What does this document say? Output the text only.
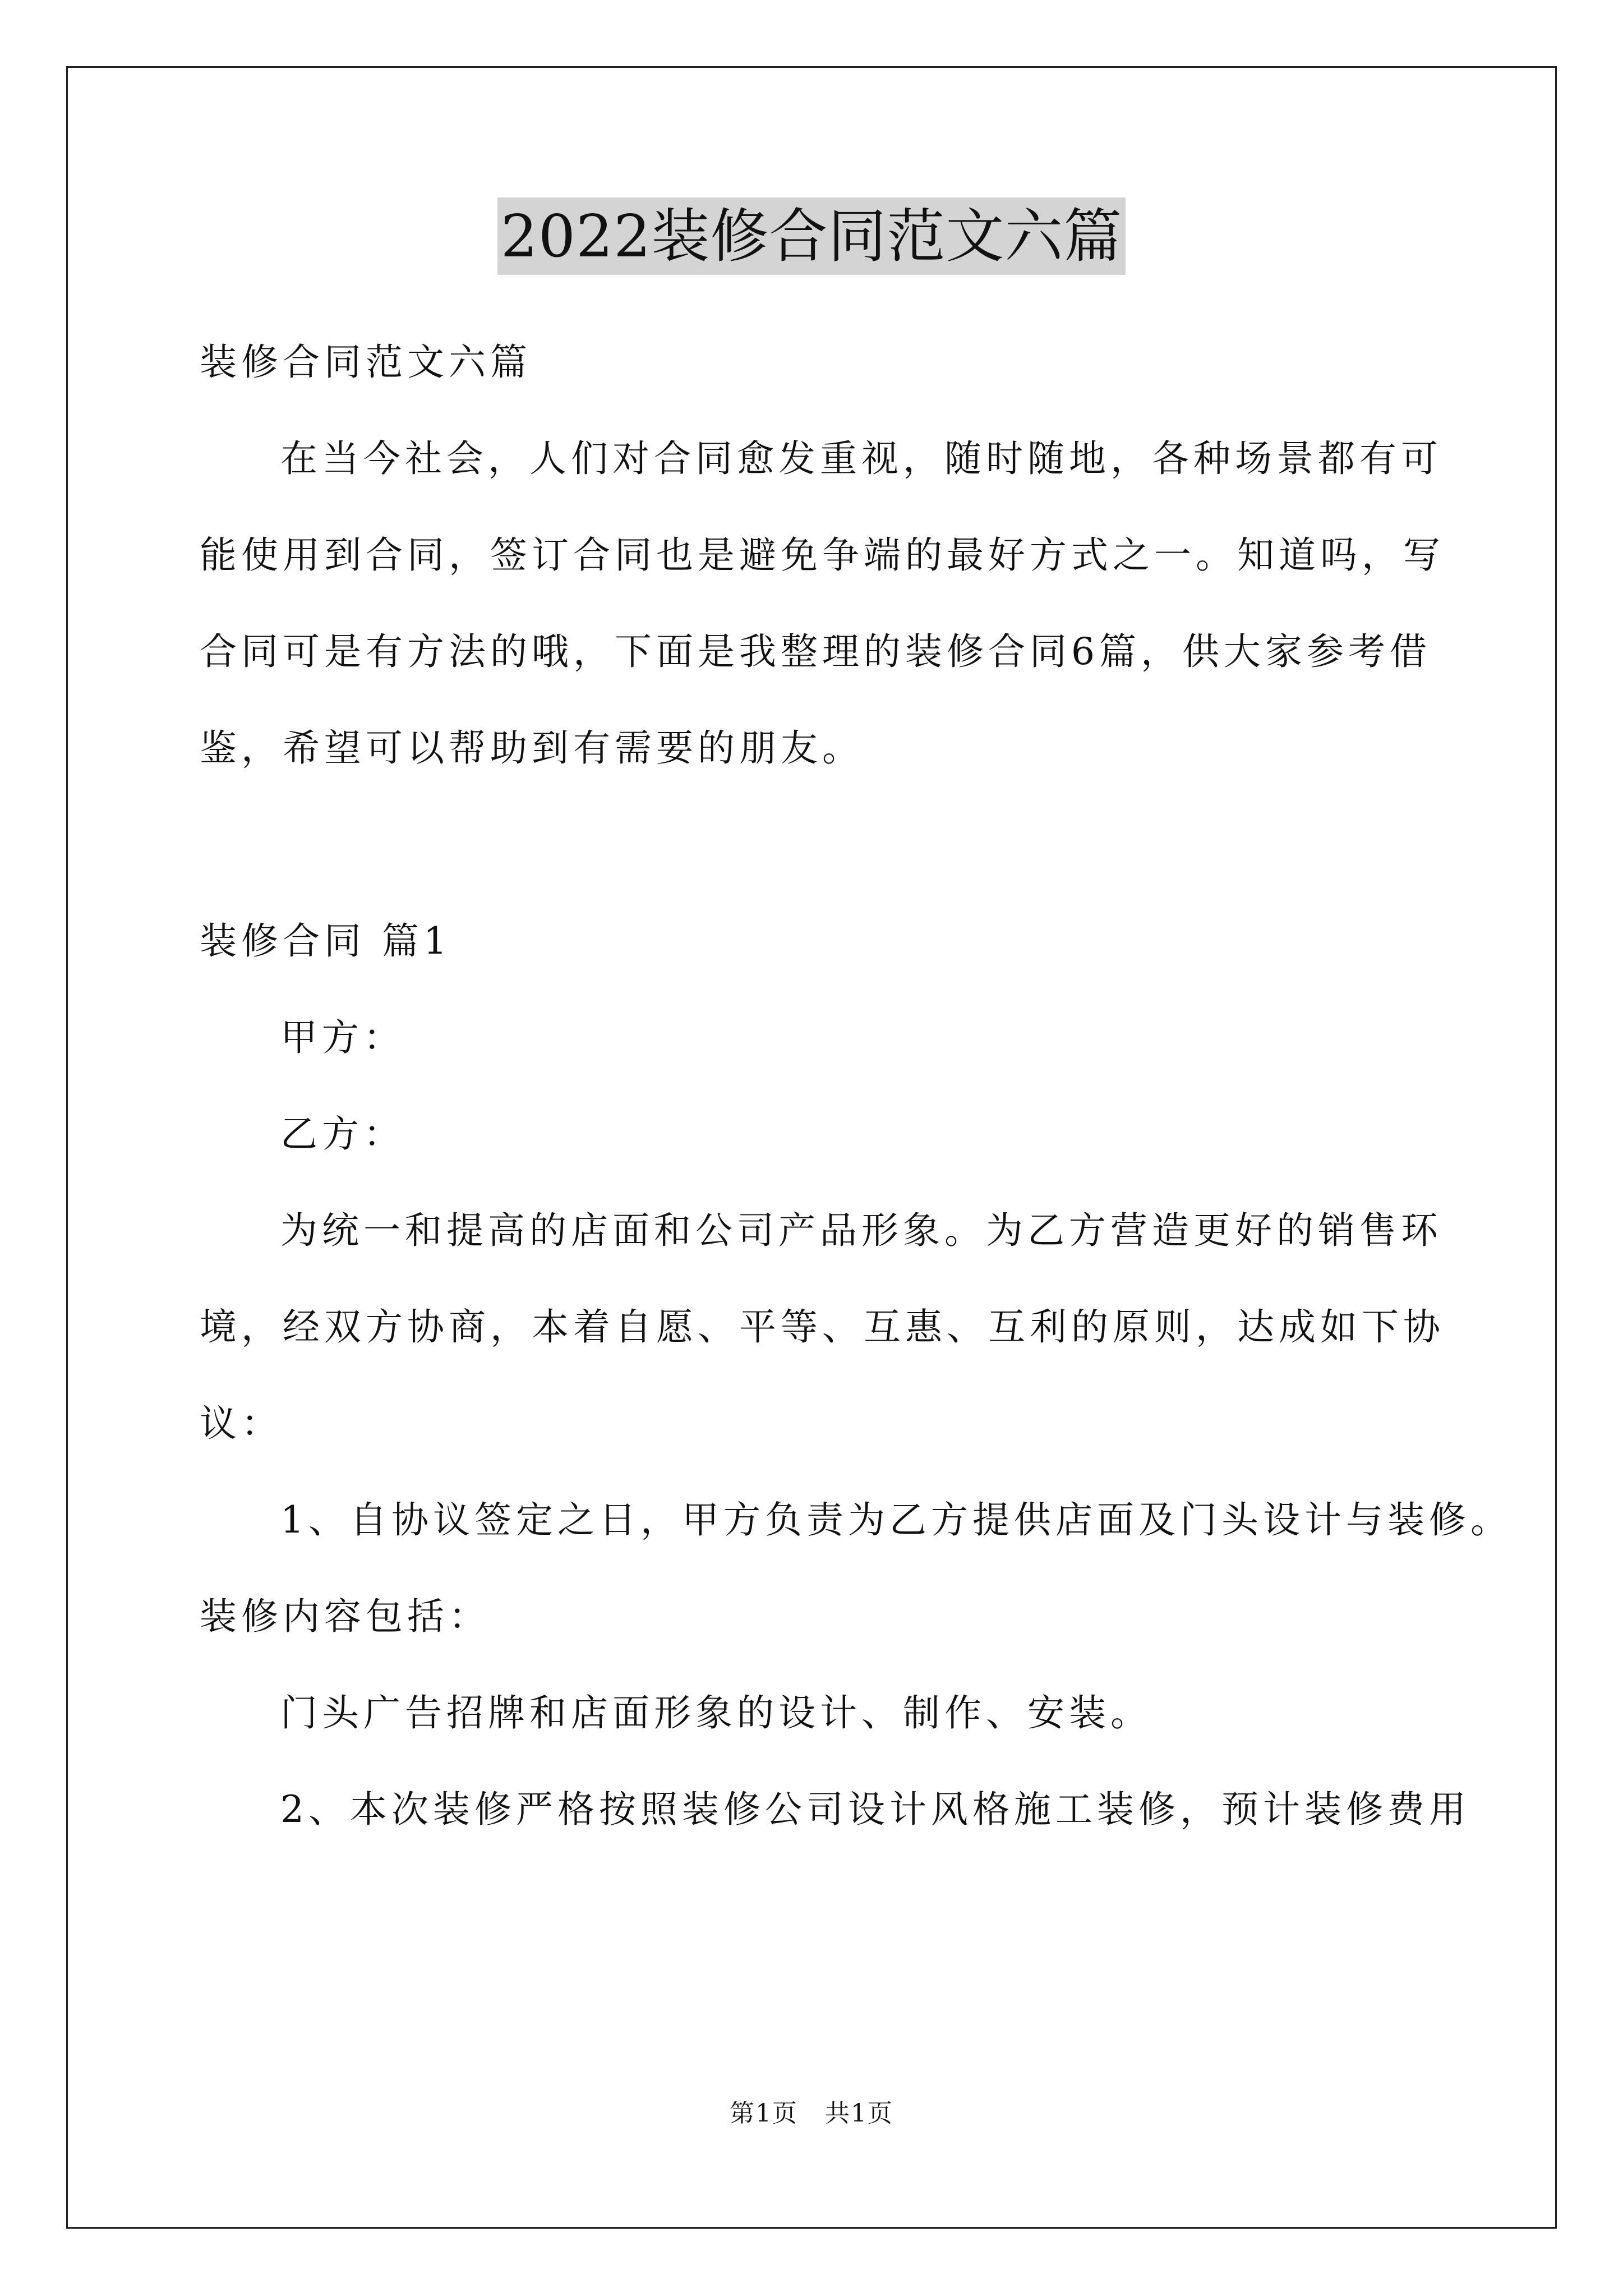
2022装修合同范文六篇
装修合同范文六篇
在当今社会，人们对合同愈发重视，随时随地，各种场景都有可
能使用到合同，签订合同也是避免争端的最好方式之一。知道吗，写
合同可是有方法的哦，下面是我整理的装修合同6篇，供大家参考借
鉴，希望可以帮助到有需要的朋友。
装修合同 篇1
甲方：
乙方：
为统一和提高的店面和公司产品形象。为乙方营造更好的销售环
境，经双方协商，本着自愿、平等、互惠、互利的原则，达成如下协
议：
1、自协议签定之日，甲方负责为乙方提供店面及门头设计与装修。
装修内容包括：
门头广告招牌和店面形象的设计、制作、安装。
2、本次装修严格按照装修公司设计风格施工装修，预计装修费用
第1页 共1页
